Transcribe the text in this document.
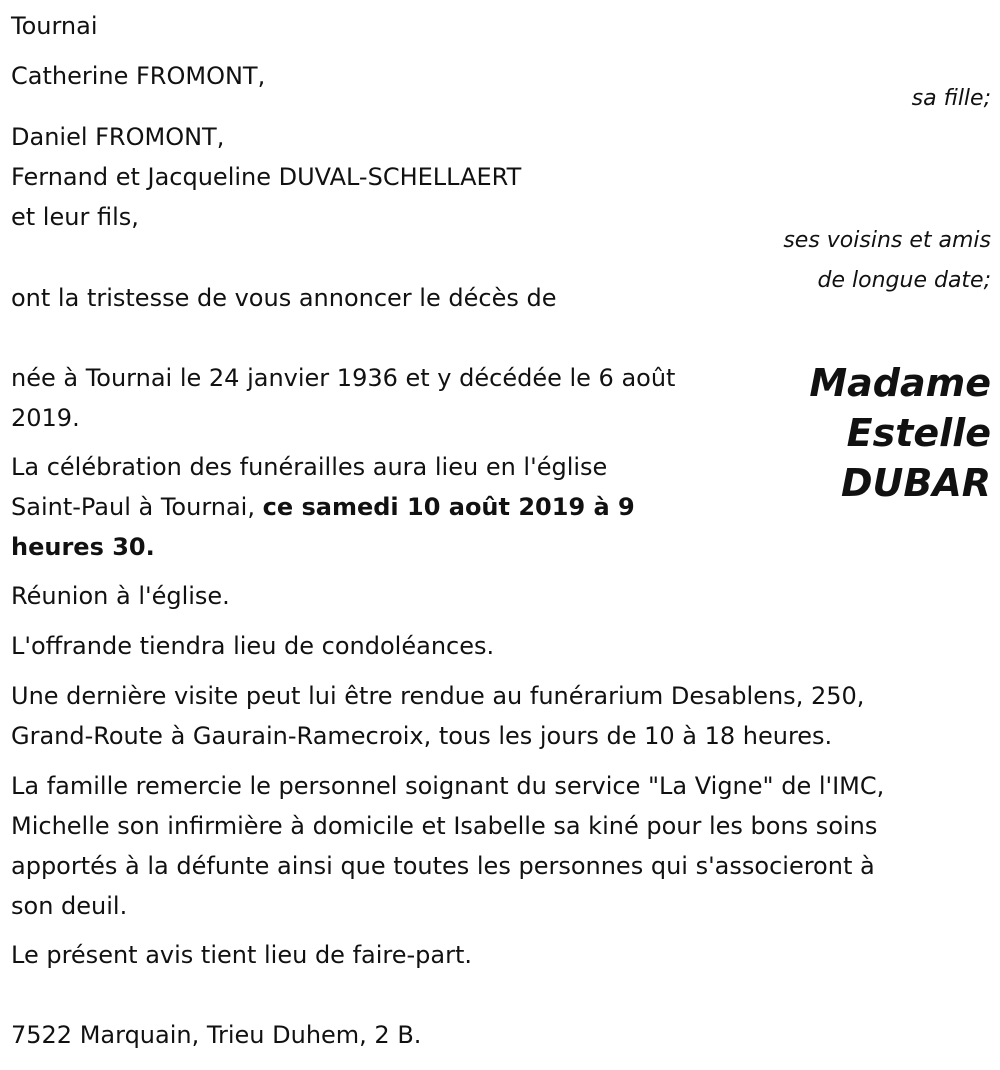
Tournai
Catherine FROMONT,
sa fille;
Daniel FROMONT,
Fernand et Jacqueline DUVAL-SCHELLAERT
et leur fils,
ses voisins et amis
de longue date;
ont la tristesse de vous annoncer le décès de
Madame
Estelle
DUBAR
née à Tournai le 24 janvier 1936 et y décédée le 6 août
2019.
La célébration des funérailles aura lieu en l'église
Saint-Paul à Tournai, ce samedi 10 août 2019 à 9
heures 30.
Réunion à l'église.
L'offrande tiendra lieu de condoléances.
Une dernière visite peut lui être rendue au funérarium Desablens, 250,
Grand-Route à Gaurain-Ramecroix, tous les jours de 10 à 18 heures.
La famille remercie le personnel soignant du service "La Vigne" de l'IMC,
Michelle son infirmière à domicile et Isabelle sa kiné pour les bons soins
apportés à la défunte ainsi que toutes les personnes qui s'associeront à
son deuil.
Le présent avis tient lieu de faire-part.
7522 Marquain, Trieu Duhem, 2 B.
